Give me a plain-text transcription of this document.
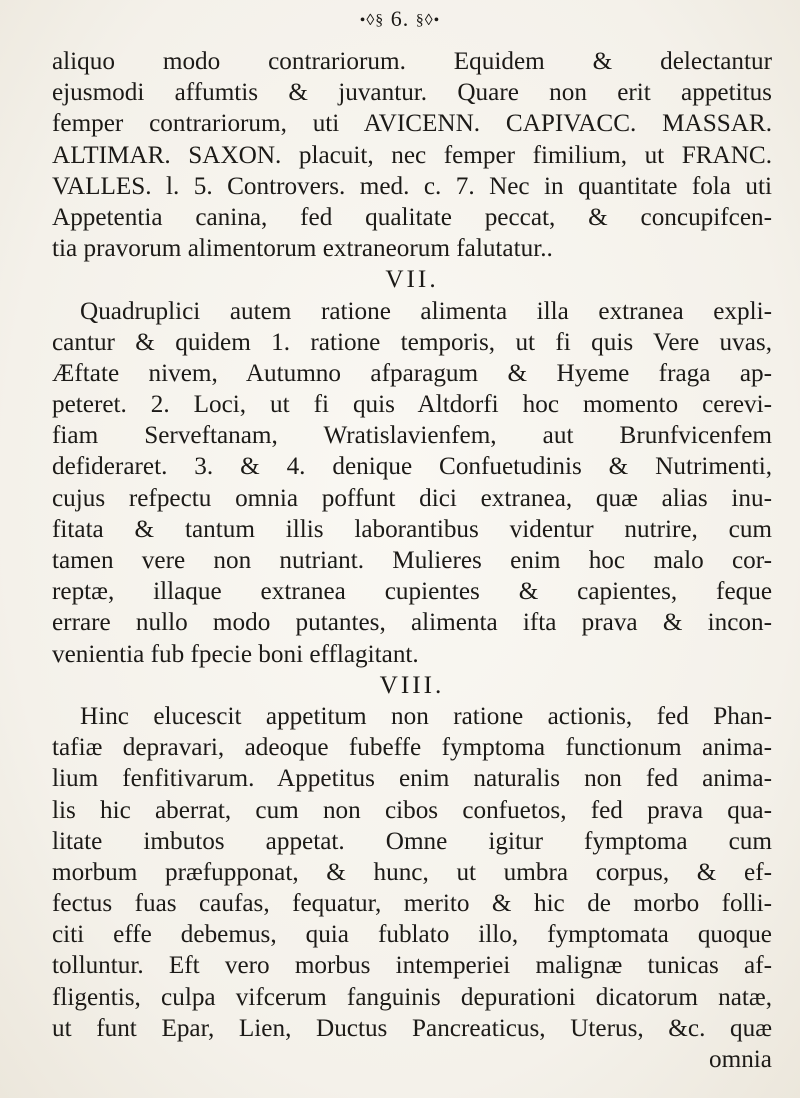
•◊§ 6. §◊•
aliquo modo contrariorum. Equidem & delectantur
ejusmodi affumtis & juvantur. Quare non erit appetitus
femper contrariorum, uti AVICENN. CAPIVACC. MASSAR.
ALTIMAR. SAXON. placuit, nec femper fimilium, ut FRANC.
VALLES. l. 5. Controvers. med. c. 7. Nec in quantitate fola uti
Appetentia canina, fed qualitate peccat, & concupifcen-
tia pravorum alimentorum extraneorum falutatur..
VII.
Quadruplici autem ratione alimenta illa extranea expli-
cantur & quidem 1. ratione temporis, ut fi quis Vere uvas,
Æftate nivem, Autumno afparagum & Hyeme fraga ap-
peteret. 2. Loci, ut fi quis Altdorfi hoc momento cerevi-
fiam Serveftanam, Wratislavienfem, aut Brunfvicenfem
defideraret. 3. & 4. denique Confuetudinis & Nutrimenti,
cujus refpectu omnia poffunt dici extranea, quæ alias inu-
fitata & tantum illis laborantibus videntur nutrire, cum
tamen vere non nutriant. Mulieres enim hoc malo cor-
reptæ, illaque extranea cupientes & capientes, feque
errare nullo modo putantes, alimenta ifta prava & incon-
venientia fub fpecie boni efflagitant.
VIII.
Hinc elucescit appetitum non ratione actionis, fed Phan-
tafiæ depravari, adeoque fubeffe fymptoma functionum anima-
lium fenfitivarum. Appetitus enim naturalis non fed anima-
lis hic aberrat, cum non cibos confuetos, fed prava qua-
litate imbutos appetat. Omne igitur fymptoma cum
morbum præfupponat, & hunc, ut umbra corpus, & ef-
fectus fuas caufas, fequatur, merito & hic de morbo folli-
citi effe debemus, quia fublato illo, fymptomata quoque
tolluntur. Eft vero morbus intemperiei malignæ tunicas af-
fligentis, culpa vifcerum fanguinis depurationi dicatorum natæ,
ut funt Epar, Lien, Ductus Pancreaticus, Uterus, &c. quæ
omnia
